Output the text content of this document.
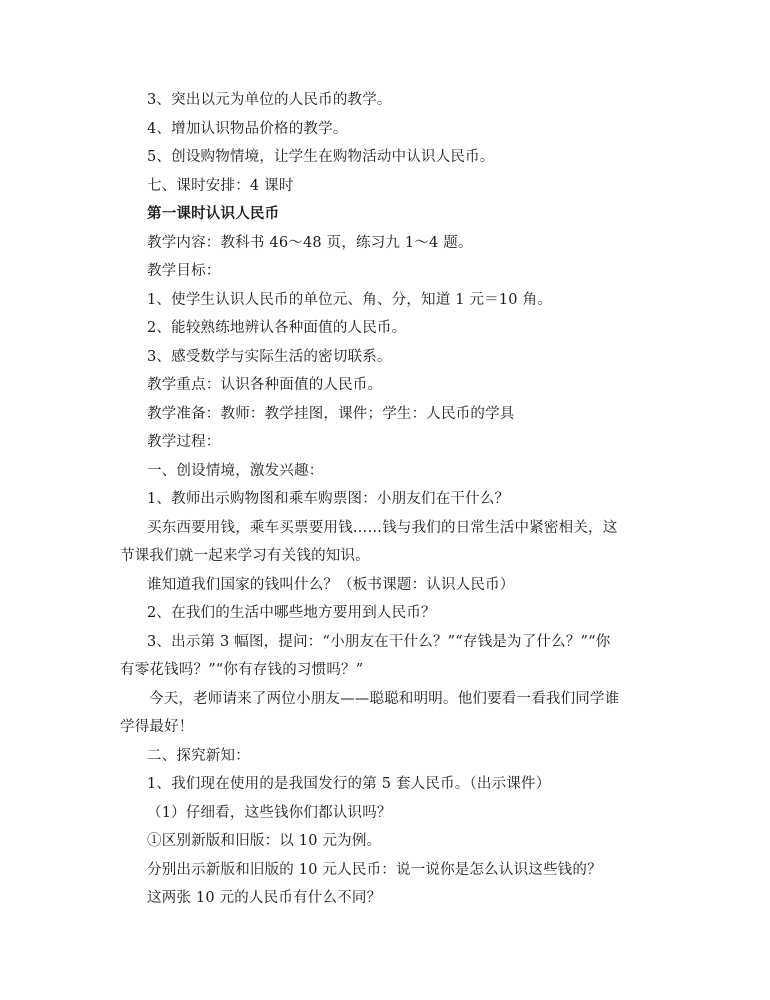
3、突出以元为单位的人民币的教学。
4、增加认识物品价格的教学。
5、创设购物情境，让学生在购物活动中认识人民币。
七、课时安排：4 课时
第一课时认识人民币
教学内容：教科书 46～48 页，练习九 1～4 题。
教学目标：
1、使学生认识人民币的单位元、角、分，知道 1 元＝10 角。
2、能较熟练地辨认各种面值的人民币。
3、感受数学与实际生活的密切联系。
教学重点：认识各种面值的人民币。
教学准备：教师：教学挂图，课件；学生：人民币的学具
教学过程：
一、创设情境，激发兴趣：
1、教师出示购物图和乘车购票图：小朋友们在干什么？
买东西要用钱，乘车买票要用钱……钱与我们的日常生活中紧密相关，这
节课我们就一起来学习有关钱的知识。
谁知道我们国家的钱叫什么？（板书课题：认识人民币）
2、在我们的生活中哪些地方要用到人民币？
3、出示第 3 幅图，提问：“小朋友在干什么？”“存钱是为了什么？”“你
有零花钱吗？”“你有存钱的习惯吗？”
今天，老师请来了两位小朋友——聪聪和明明。他们要看一看我们同学谁
学得最好！
二、探究新知：
1、我们现在使用的是我国发行的第 5 套人民币。（出示课件）
（1）仔细看，这些钱你们都认识吗？
①区别新版和旧版：以 10 元为例。
分别出示新版和旧版的 10 元人民币：说一说你是怎么认识这些钱的？
这两张 10 元的人民币有什么不同？
